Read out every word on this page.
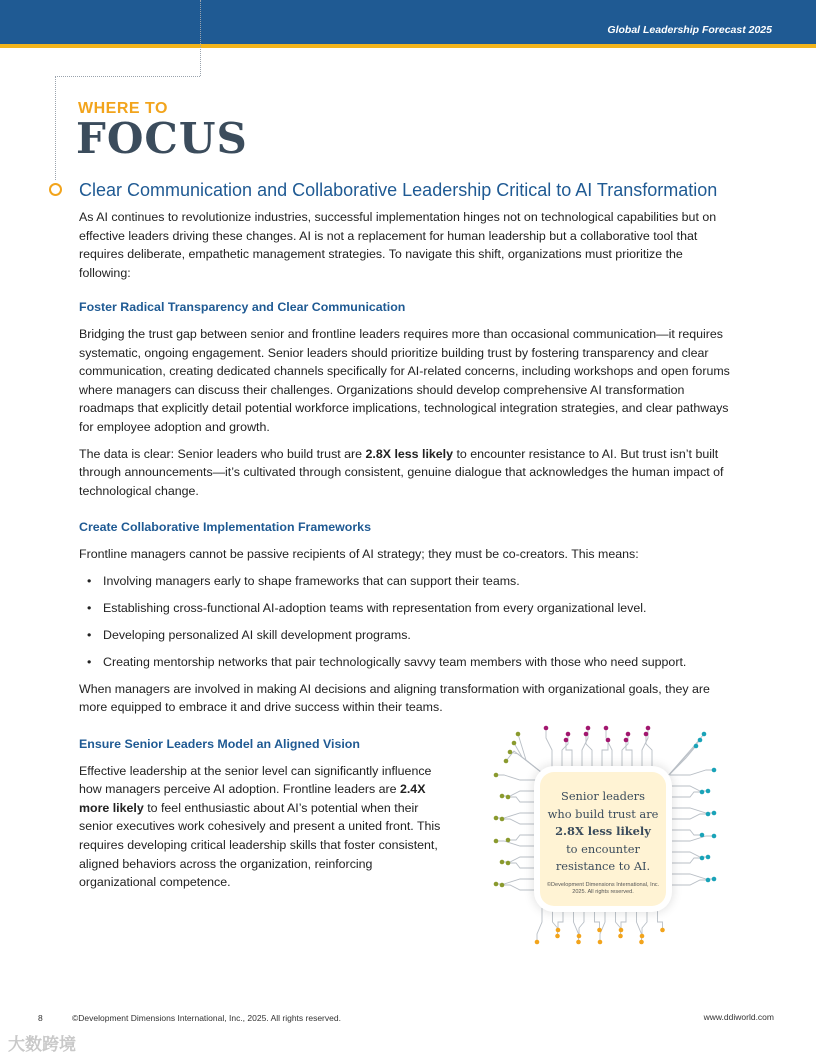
Global Leadership Forecast 2025
WHERE TO
FOCUS
Clear Communication and Collaborative Leadership Critical to AI Transformation

As AI continues to revolutionize industries, successful implementation hinges not on technological capabilities but on effective leaders driving these changes. AI is not a replacement for human leadership but a collaborative tool that requires deliberate, empathetic management strategies. To navigate this shift, organizations must prioritize the following:

Foster Radical Transparency and Clear Communication

Bridging the trust gap between senior and frontline leaders requires more than occasional communication—it requires systematic, ongoing engagement. Senior leaders should prioritize building trust by fostering transparency and clear communication, creating dedicated channels specifically for AI-related concerns, including workshops and open forums where managers can discuss their challenges. Organizations should develop comprehensive AI transformation roadmaps that explicitly detail potential workforce implications, technological integration strategies, and clear pathways for employee adoption and growth.

The data is clear: Senior leaders who build trust are 2.8X less likely to encounter resistance to AI. But trust isn’t built through announcements—it’s cultivated through consistent, genuine dialogue that acknowledges the human impact of technological change.

Create Collaborative Implementation Frameworks

Frontline managers cannot be passive recipients of AI strategy; they must be co-creators. This means:

• Involving managers early to shape frameworks that can support their teams.
• Establishing cross-functional AI-adoption teams with representation from every organizational level.
• Developing personalized AI skill development programs.
• Creating mentorship networks that pair technologically savvy team members with those who need support.

When managers are involved in making AI decisions and aligning transformation with organizational goals, they are more equipped to embrace it and drive success within their teams.

Ensure Senior Leaders Model an Aligned Vision

Effective leadership at the senior level can significantly influence how managers perceive AI adoption. Frontline leaders are 2.4X more likely to feel enthusiastic about AI’s potential when their senior executives work cohesively and present a united front. This requires developing critical leadership skills that foster consistent, aligned behaviors across the organization, reinforcing organizational competence.

Senior leaders
who build trust are
2.8X less likely
to encounter
resistance to AI.
©Development Dimensions International, Inc. 2025. All rights reserved.
8	©Development Dimensions International, Inc., 2025. All rights reserved.	www.ddiworld.com
大数跨境
